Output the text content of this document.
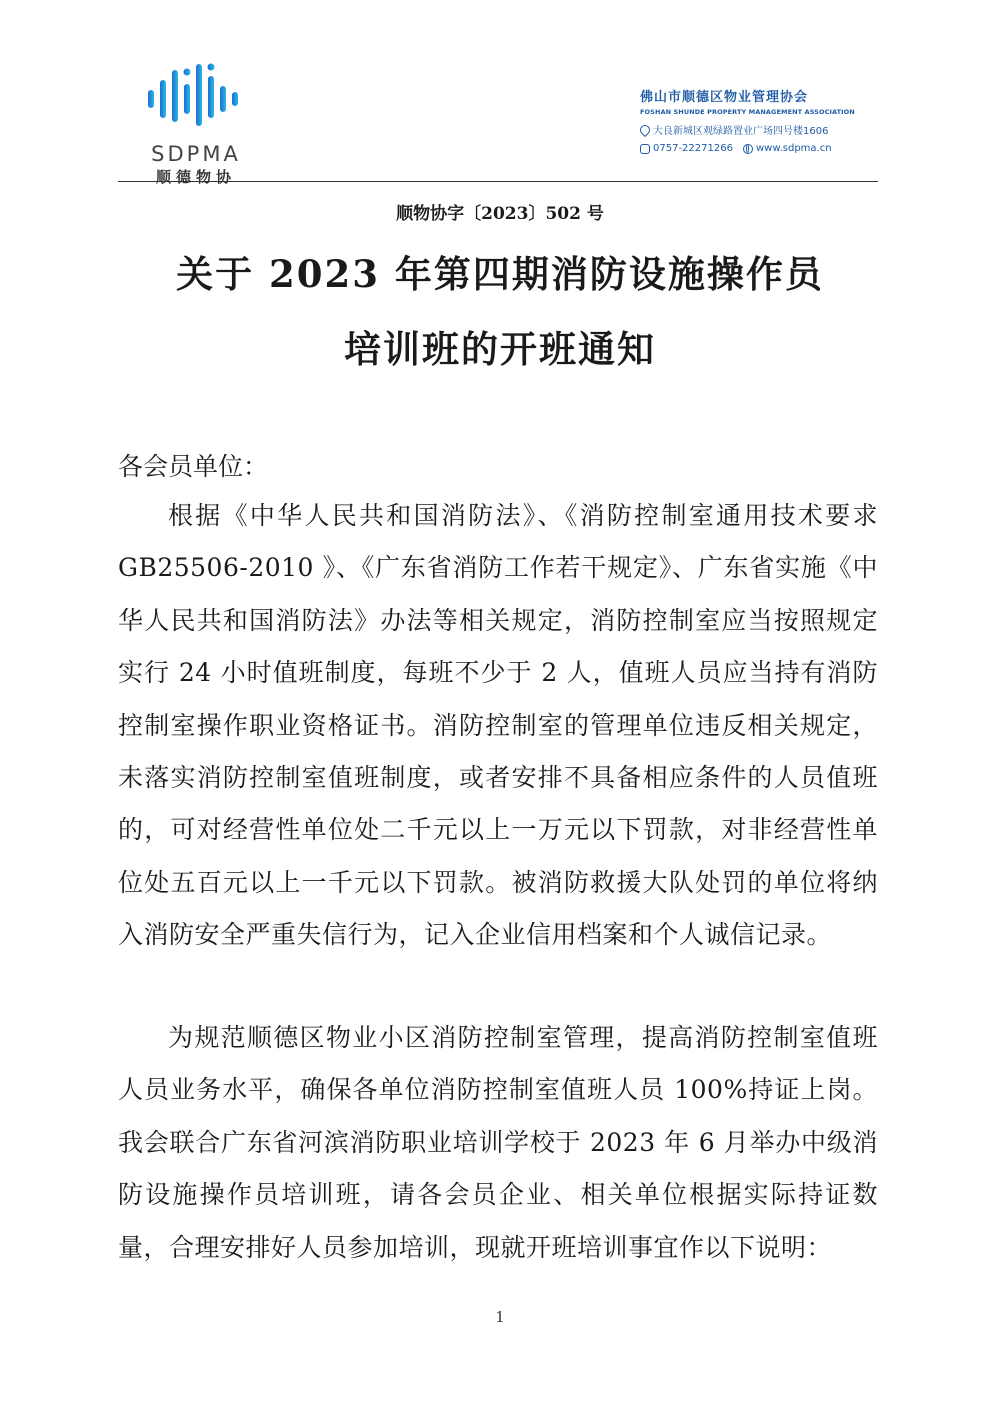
SDPMA
顺德物协
佛山市顺德区物业管理协会
FOSHAN SHUNDE PROPERTY MANAGEMENT ASSOCIATION
大良新城区观绿路置业广场四号楼1606
0757-22271266 www.sdpma.cn
顺物协字〔2023〕502 号
关于 2023 年第四期消防设施操作员
培训班的开班通知
各会员单位：

根据《中华人民共和国消防法》、《消防控制室通用技术要求 GB25506-2010 》、《广东省消防工作若干规定》、广东省实施《中华人民共和国消防法》办法等相关规定，消防控制室应当按照规定实行 24 小时值班制度，每班不少于 2 人，值班人员应当持有消防控制室操作职业资格证书。消防控制室的管理单位违反相关规定，未落实消防控制室值班制度，或者安排不具备相应条件的人员值班的，可对经营性单位处二千元以上一万元以下罚款，对非经营性单位处五百元以上一千元以下罚款。被消防救援大队处罚的单位将纳入消防安全严重失信行为，记入企业信用档案和个人诚信记录。

为规范顺德区物业小区消防控制室管理，提高消防控制室值班人员业务水平，确保各单位消防控制室值班人员 100%持证上岗。我会联合广东省河滨消防职业培训学校于 2023 年 6 月举办中级消防设施操作员培训班，请各会员企业、相关单位根据实际持证数量，合理安排好人员参加培训，现就开班培训事宜作以下说明：

1
